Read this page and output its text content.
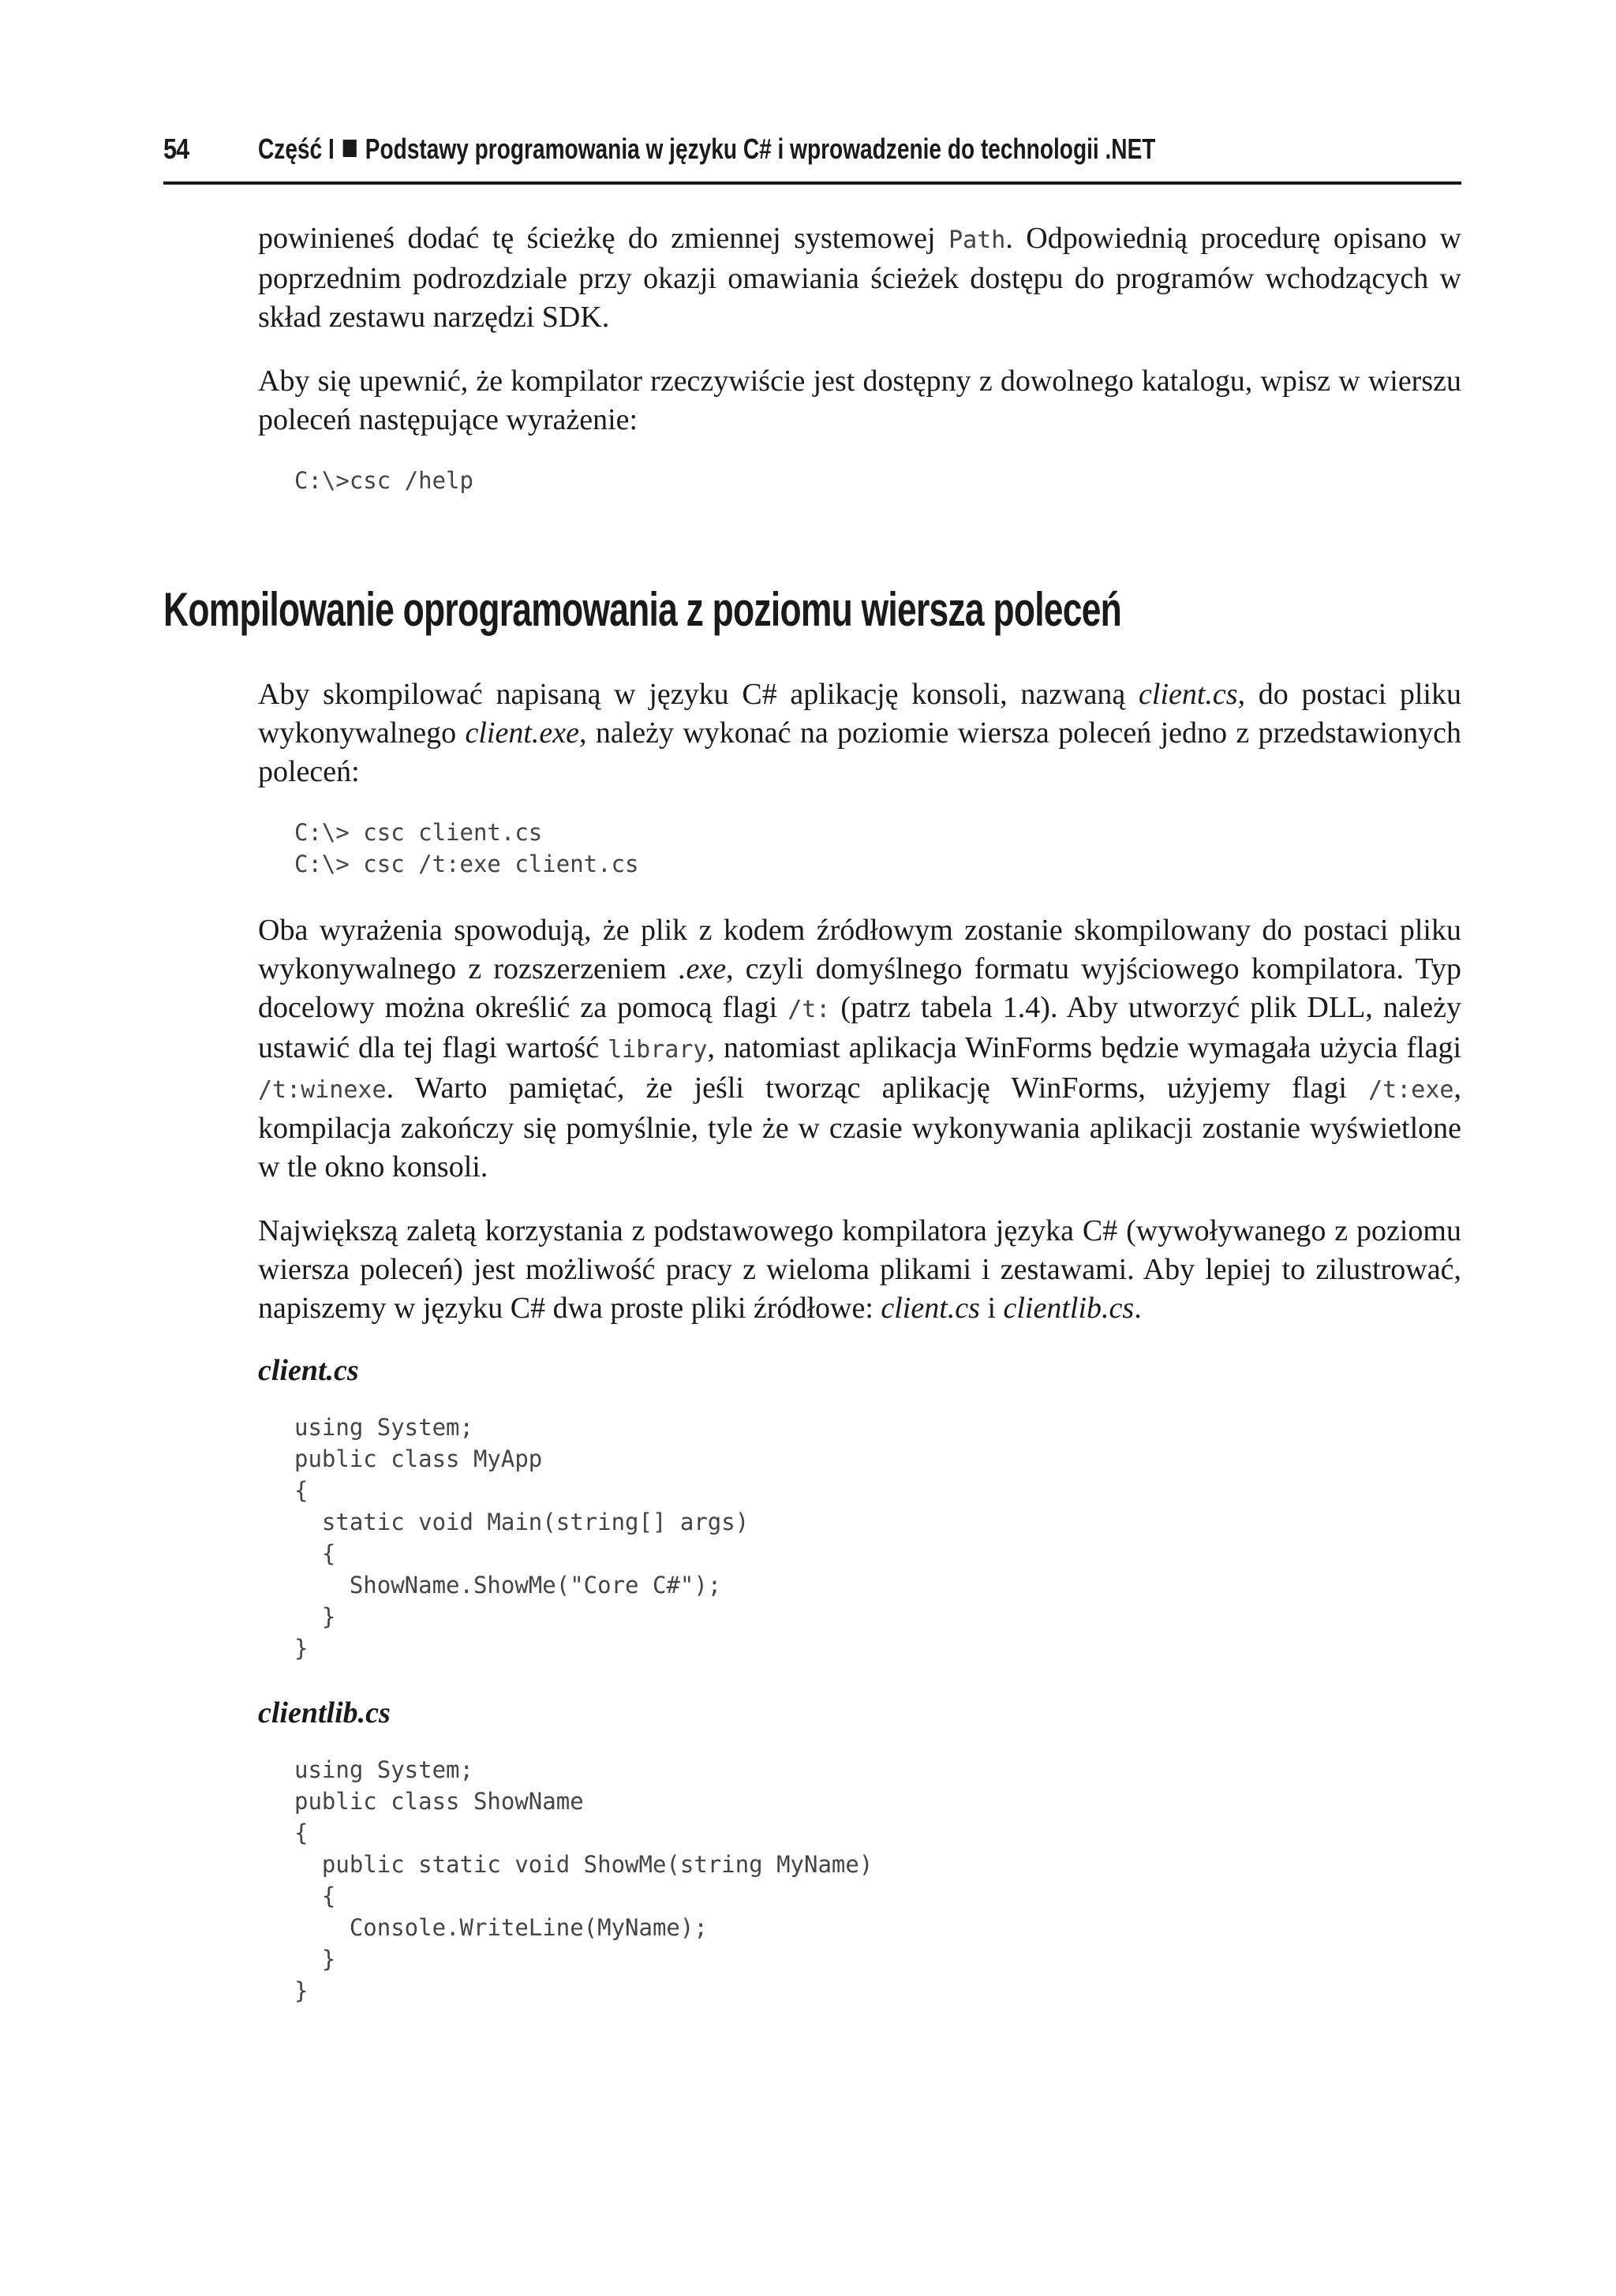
54 Część I Podstawy programowania w języku C# i wprowadzenie do technologii .NET

powinieneś dodać tę ścieżkę do zmiennej systemowej Path. Odpowiednią procedurę opisano w poprzednim podrozdziale przy okazji omawiania ścieżek dostępu do programów wchodzących w skład zestawu narzędzi SDK.

Aby się upewnić, że kompilator rzeczywiście jest dostępny z dowolnego katalogu, wpisz w wierszu poleceń następujące wyrażenie:

C:\>csc /help
Kompilowanie oprogramowania z poziomu wiersza poleceń

Aby skompilować napisaną w języku C# aplikację konsoli, nazwaną client.cs, do postaci pliku wykonywalnego client.exe, należy wykonać na poziomie wiersza poleceń jedno z przedstawionych poleceń:

C:\> csc client.cs
C:\> csc /t:exe client.cs

Oba wyrażenia spowodują, że plik z kodem źródłowym zostanie skompilowany do postaci pliku wykonywalnego z rozszerzeniem .exe, czyli domyślnego formatu wyjściowego kompilatora. Typ docelowy można określić za pomocą flagi /t: (patrz tabela 1.4). Aby utworzyć plik DLL, należy ustawić dla tej flagi wartość library, natomiast aplikacja WinForms będzie wymagała użycia flagi /t:winexe. Warto pamiętać, że jeśli tworząc aplikację WinForms, użyjemy flagi /t:exe, kompilacja zakończy się pomyślnie, tyle że w czasie wykonywania aplikacji zostanie wyświetlone w tle okno konsoli.

Największą zaletą korzystania z podstawowego kompilatora języka C# (wywoływanego z poziomu wiersza poleceń) jest możliwość pracy z wieloma plikami i zestawami. Aby lepiej to zilustrować, napiszemy w języku C# dwa proste pliki źródłowe: client.cs i clientlib.cs.

client.cs
using System;
public class MyApp
{
static void Main(string[] args)
{
ShowName.ShowMe("Core C#");
}
}
clientlib.cs
using System;
public class ShowName
{
public static void ShowMe(string MyName)
{
Console.WriteLine(MyName);
}
}
